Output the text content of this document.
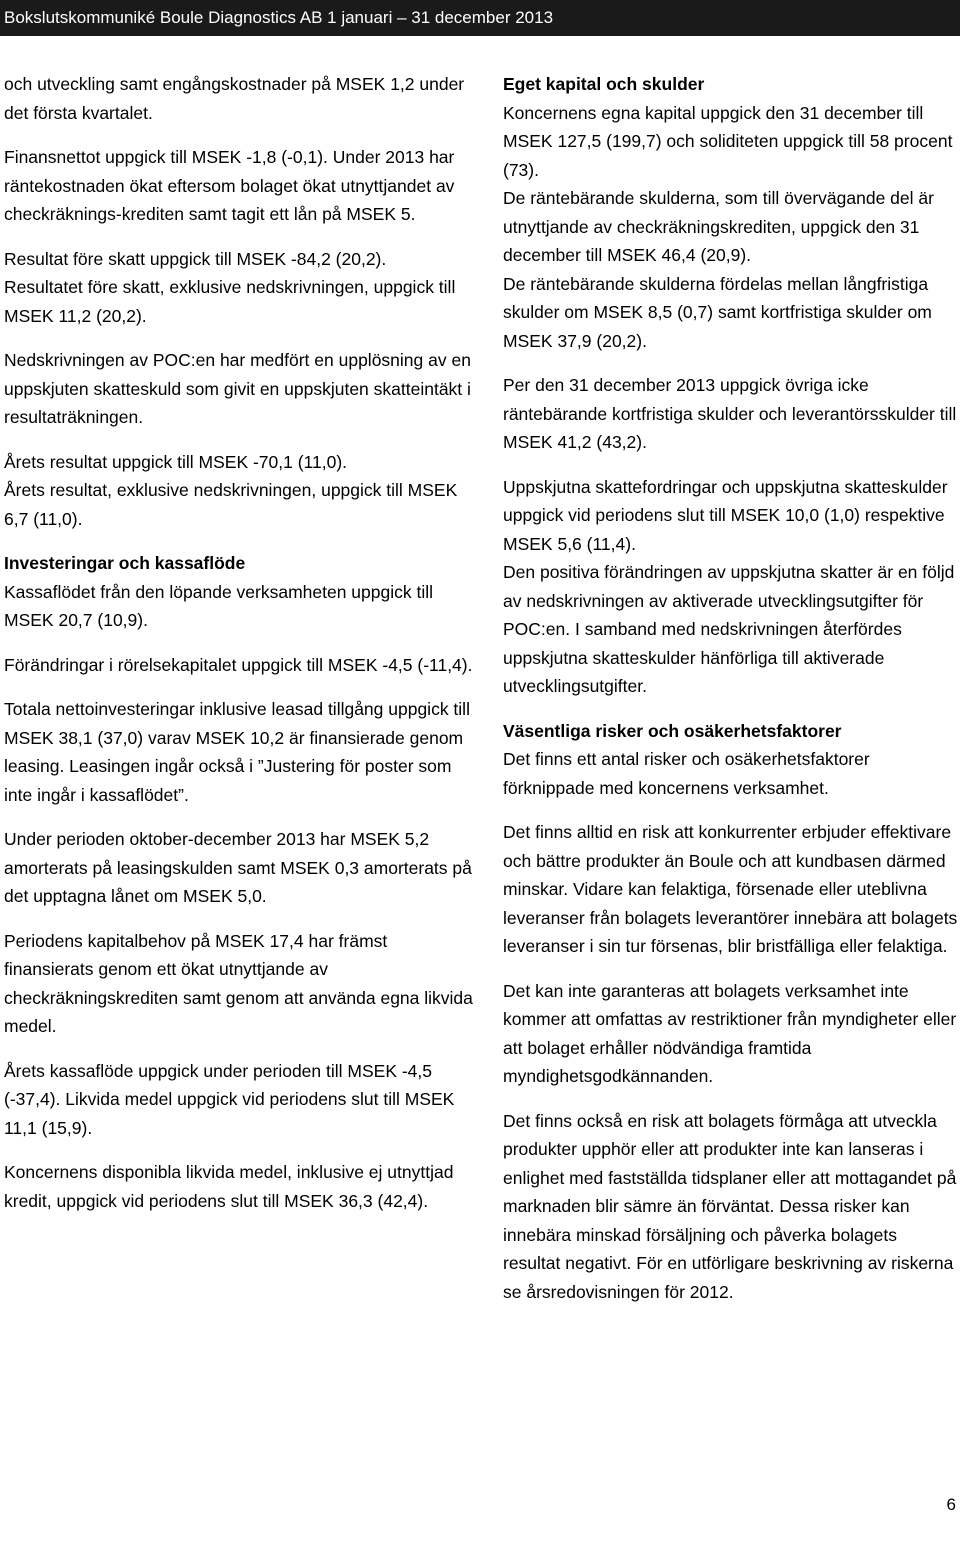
Bokslutskommuniké Boule Diagnostics AB 1 januari – 31 december 2013

och utveckling samt engångskostnader på MSEK 1,2 under det första kvartalet.

Finansnettot uppgick till MSEK -1,8 (-0,1). Under 2013 har räntekostnaden ökat eftersom bolaget ökat utnyttjandet av checkräknings-krediten samt tagit ett lån på MSEK 5.

Resultat före skatt uppgick till MSEK -84,2 (20,2).

Resultatet före skatt, exklusive nedskrivningen, uppgick till MSEK 11,2 (20,2).

Nedskrivningen av POC:en har medfört en upplösning av en uppskjuten skatteskuld som givit en uppskjuten skatteintäkt i resultaträkningen.

Årets resultat uppgick till MSEK -70,1 (11,0).

Årets resultat, exklusive nedskrivningen, uppgick till MSEK 6,7 (11,0).

Investeringar och kassaflöde

Kassaflödet från den löpande verksamheten uppgick till MSEK 20,7 (10,9).

Förändringar i rörelsekapitalet uppgick till MSEK -4,5 (-11,4).

Totala nettoinvesteringar inklusive leasad tillgång uppgick till MSEK 38,1 (37,0) varav MSEK 10,2 är finansierade genom leasing. Leasingen ingår också i ”Justering för poster som inte ingår i kassaflödet”.

Under perioden oktober-december 2013 har MSEK 5,2 amorterats på leasingskulden samt MSEK 0,3 amorterats på det upptagna lånet om MSEK 5,0.

Periodens kapitalbehov på MSEK 17,4 har främst finansierats genom ett ökat utnyttjande av checkräkningskrediten samt genom att använda egna likvida medel.

Årets kassaflöde uppgick under perioden till MSEK -4,5 (-37,4). Likvida medel uppgick vid periodens slut till MSEK 11,1 (15,9).

Koncernens disponibla likvida medel, inklusive ej utnyttjad kredit, uppgick vid periodens slut till MSEK 36,3 (42,4).

Eget kapital och skulder

Koncernens egna kapital uppgick den 31 december till MSEK 127,5 (199,7) och soliditeten uppgick till 58 procent (73).

De räntebärande skulderna, som till övervägande del är utnyttjande av checkräkningskrediten, uppgick den 31 december till MSEK 46,4 (20,9).

De räntebärande skulderna fördelas mellan långfristiga skulder om MSEK 8,5 (0,7) samt kortfristiga skulder om MSEK 37,9 (20,2).

Per den 31 december 2013 uppgick övriga icke räntebärande kortfristiga skulder och leverantörsskulder till MSEK 41,2 (43,2).

Uppskjutna skattefordringar och uppskjutna skatteskulder uppgick vid periodens slut till MSEK 10,0 (1,0) respektive MSEK 5,6 (11,4).

Den positiva förändringen av uppskjutna skatter är en följd av nedskrivningen av aktiverade utvecklingsutgifter för POC:en. I samband med nedskrivningen återfördes uppskjutna skatteskulder hänförliga till aktiverade utvecklingsutgifter.

Väsentliga risker och osäkerhetsfaktorer

Det finns ett antal risker och osäkerhetsfaktorer förknippade med koncernens verksamhet.

Det finns alltid en risk att konkurrenter erbjuder effektivare och bättre produkter än Boule och att kundbasen därmed minskar. Vidare kan felaktiga, försenade eller uteblivna leveranser från bolagets leverantörer innebära att bolagets leveranser i sin tur försenas, blir bristfälliga eller felaktiga.

Det kan inte garanteras att bolagets verksamhet inte kommer att omfattas av restriktioner från myndigheter eller att bolaget erhåller nödvändiga framtida myndighetsgodkännanden.

Det finns också en risk att bolagets förmåga att utveckla produkter upphör eller att produkter inte kan lanseras i enlighet med fastställda tidsplaner eller att mottagandet på marknaden blir sämre än förväntat. Dessa risker kan innebära minskad försäljning och påverka bolagets resultat negativt. För en utförligare beskrivning av riskerna se årsredovisningen för 2012.

6
